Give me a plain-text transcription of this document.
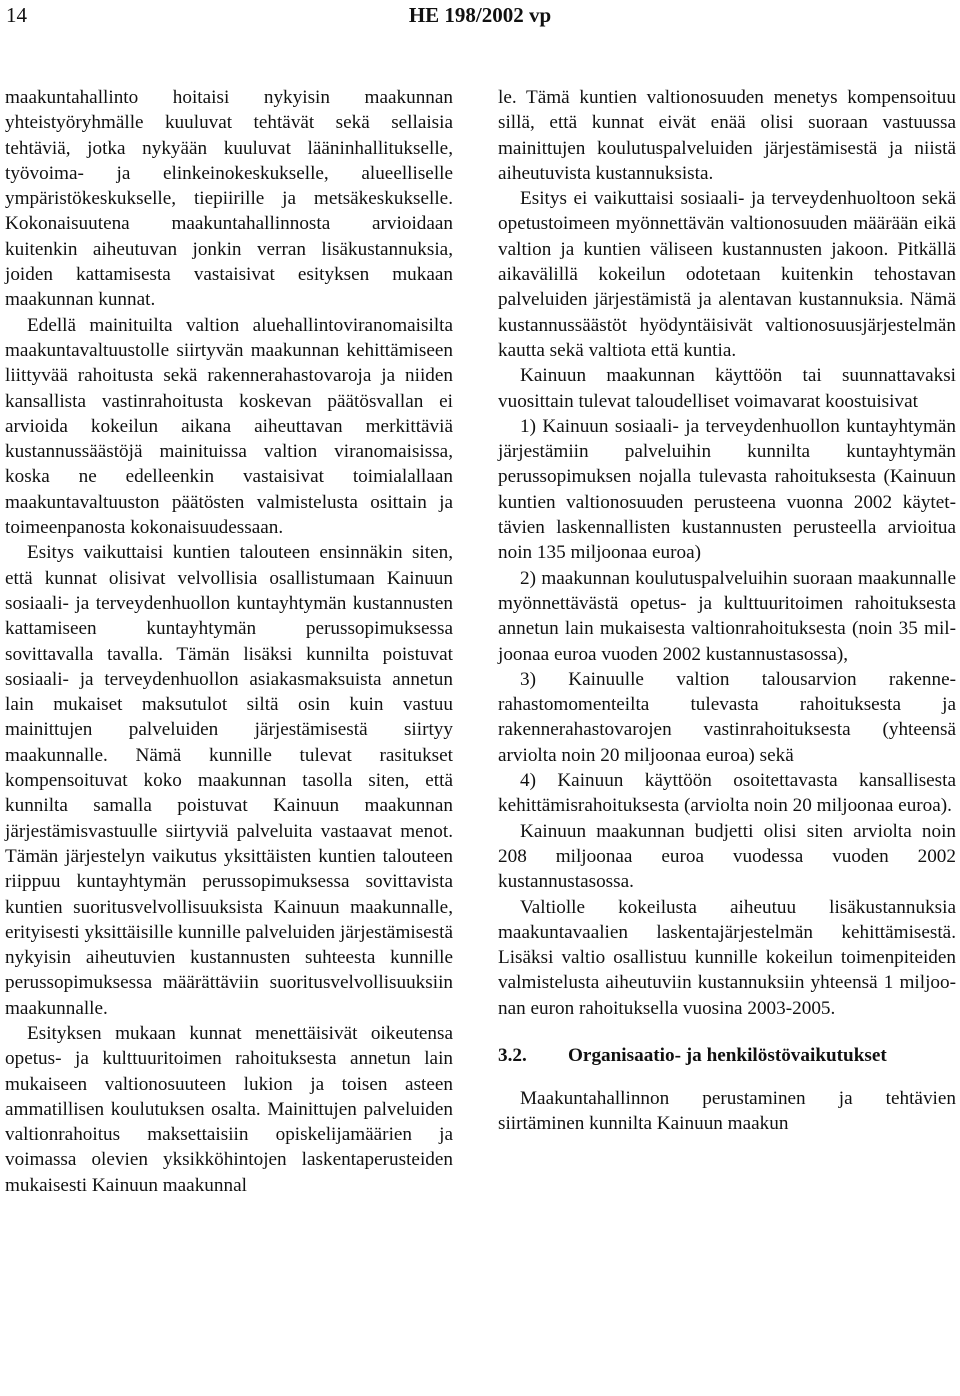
14	HE 198/2002 vp

maakuntahallinto hoitaisi nykyisin maakunnan yhteistyöryhmälle kuuluvat tehtävät sekä sellaisia tehtäviä, jotka nykyään kuuluvat lääninhallitukselle, työvoima- ja elinkeinokeskukselle, alueelliselle ympäristökeskukselle, tiepiirille ja metsäkeskukselle. Kokonaisuutena maakuntahallinnosta arvioidaan kuitenkin aiheutuvan jonkin verran lisäkustannuksia, joiden kattamisesta vastaisivat esityksen mukaan maakunnan kunnat.

Edellä mainituilta valtion aluehallintoviranomaisilta maakuntavaltuustolle siirtyvän maakunnan kehittämiseen liittyvää rahoitusta sekä rakennerahastovaroja ja niiden kansallista vastinrahoitusta koskevan päätösvallan ei arvioida kokeilun aikana aiheuttavan merkittäviä kustannussäästöjä mainituissa valtion viranomaisissa, koska ne edelleenkin vastaisivat toimialallaan maakuntavaltuuston päätösten valmistelusta osittain ja toimeenpanosta kokonaisuudessaan.

Esitys vaikuttaisi kuntien talouteen ensinnäkin siten, että kunnat olisivat velvollisia osallistumaan Kainuun sosiaali- ja terveydenhuollon kuntayhtymän kustannusten kattamiseen kuntayhtymän perussopimuksessa sovittavalla tavalla. Tämän lisäksi kunnilta poistuvat sosiaali- ja terveydenhuollon asiakasmaksuista annetun lain mukaiset maksutulot siltä osin kuin vastuu mainittujen palveluiden järjestämisestä siirtyy maakunnalle. Nämä kunnille tulevat rasitukset kompensoituvat koko maakunnan tasolla siten, että kunnilta samalla poistuvat Kainuun maakunnan järjestämisvastuulle siirtyviä palveluita vastaavat menot. Tämän järjestelyn vaikutus yksittäisten kuntien talouteen riippuu kuntayhtymän perussopimuksessa sovittavista kuntien suoritusvelvollisuuksista Kainuun maakunnalle, erityisesti yksittäisille kunnille palveluiden järjestämisestä nykyisin aiheutuvien kustannusten suhteesta kunnille perussopimuksessa määrättäviin suoritusvelvollisuuksiin maakunnalle.

Esityksen mukaan kunnat menettäisivät oikeutensa opetus- ja kulttuuritoimen rahoituksesta annetun lain mukaiseen valtionosuuteen lukion ja toisen asteen ammatillisen koulutuksen osalta. Mainittujen palveluiden valtionrahoitus maksettaisiin opiskelijamäärien ja voimassa olevien yksikköhintojen laskentaperusteiden mukaisesti Kainuun maakunnal

le. Tämä kuntien valtionosuuden menetys kompensoituu sillä, että kunnat eivät enää olisi suoraan vastuussa mainittujen koulutuspalveluiden järjestämisestä ja niistä aiheutuvista kustannuksista.

Esitys ei vaikuttaisi sosiaali- ja terveydenhuoltoon sekä opetustoimeen myönnettävän valtionosuuden määrään eikä valtion ja kuntien väliseen kustannusten jakoon. Pitkällä aikavälillä kokeilun odotetaan kuitenkin tehostavan palveluiden järjestämistä ja alentavan kustannuksia. Nämä kustannussäästöt hyödyntäisivät valtionosuusjärjestelmän kautta sekä valtiota että kuntia.

Kainuun maakunnan käyttöön tai suunnattavaksi vuosittain tulevat taloudelliset voimavarat koostuisivat

1) Kainuun sosiaali- ja terveydenhuollon kuntayhtymän järjestämiin palveluihin kunnilta kuntayhtymän perussopimuksen nojalla tulevasta rahoituksesta (Kainuun kuntien valtionosuuden perusteena vuonna 2002 käytettävien laskennallisten kustannusten perusteella arvioitua noin 135 miljoonaa euroa)

2) maakunnan koulutuspalveluihin suoraan maakunnalle myönnettävästä opetus- ja kulttuuritoimen rahoituksesta annetun lain mukaisesta valtionrahoituksesta (noin 35 miljoonaa euroa vuoden 2002 kustannustasossa),

3) Kainuulle valtion talousarvion rakennerahastomomenteilta tulevasta rahoituksesta ja rakennerahastovarojen vastinrahoituksesta (yhteensä arviolta noin 20 miljoonaa euroa) sekä

4) Kainuun käyttöön osoitettavasta kansallisesta kehittämisrahoituksesta (arviolta noin 20 miljoonaa euroa).

Kainuun maakunnan budjetti olisi siten arviolta noin 208 miljoonaa euroa vuodessa vuoden 2002 kustannustasossa.

Valtiolle kokeilusta aiheutuu lisäkustannuksia maakuntavaalien laskentajärjestelmän kehittämisestä. Lisäksi valtio osallistuu kunnille kokeilun toimenpiteiden valmistelusta aiheutuviin kustannuksiin yhteensä 1 miljoonan euron rahoituksella vuosina 2003-2005.

3.2.	Organisaatio- ja henkilöstövaikutukset

Maakuntahallinnon perustaminen ja tehtävien siirtäminen kunnilta Kainuun maakun
